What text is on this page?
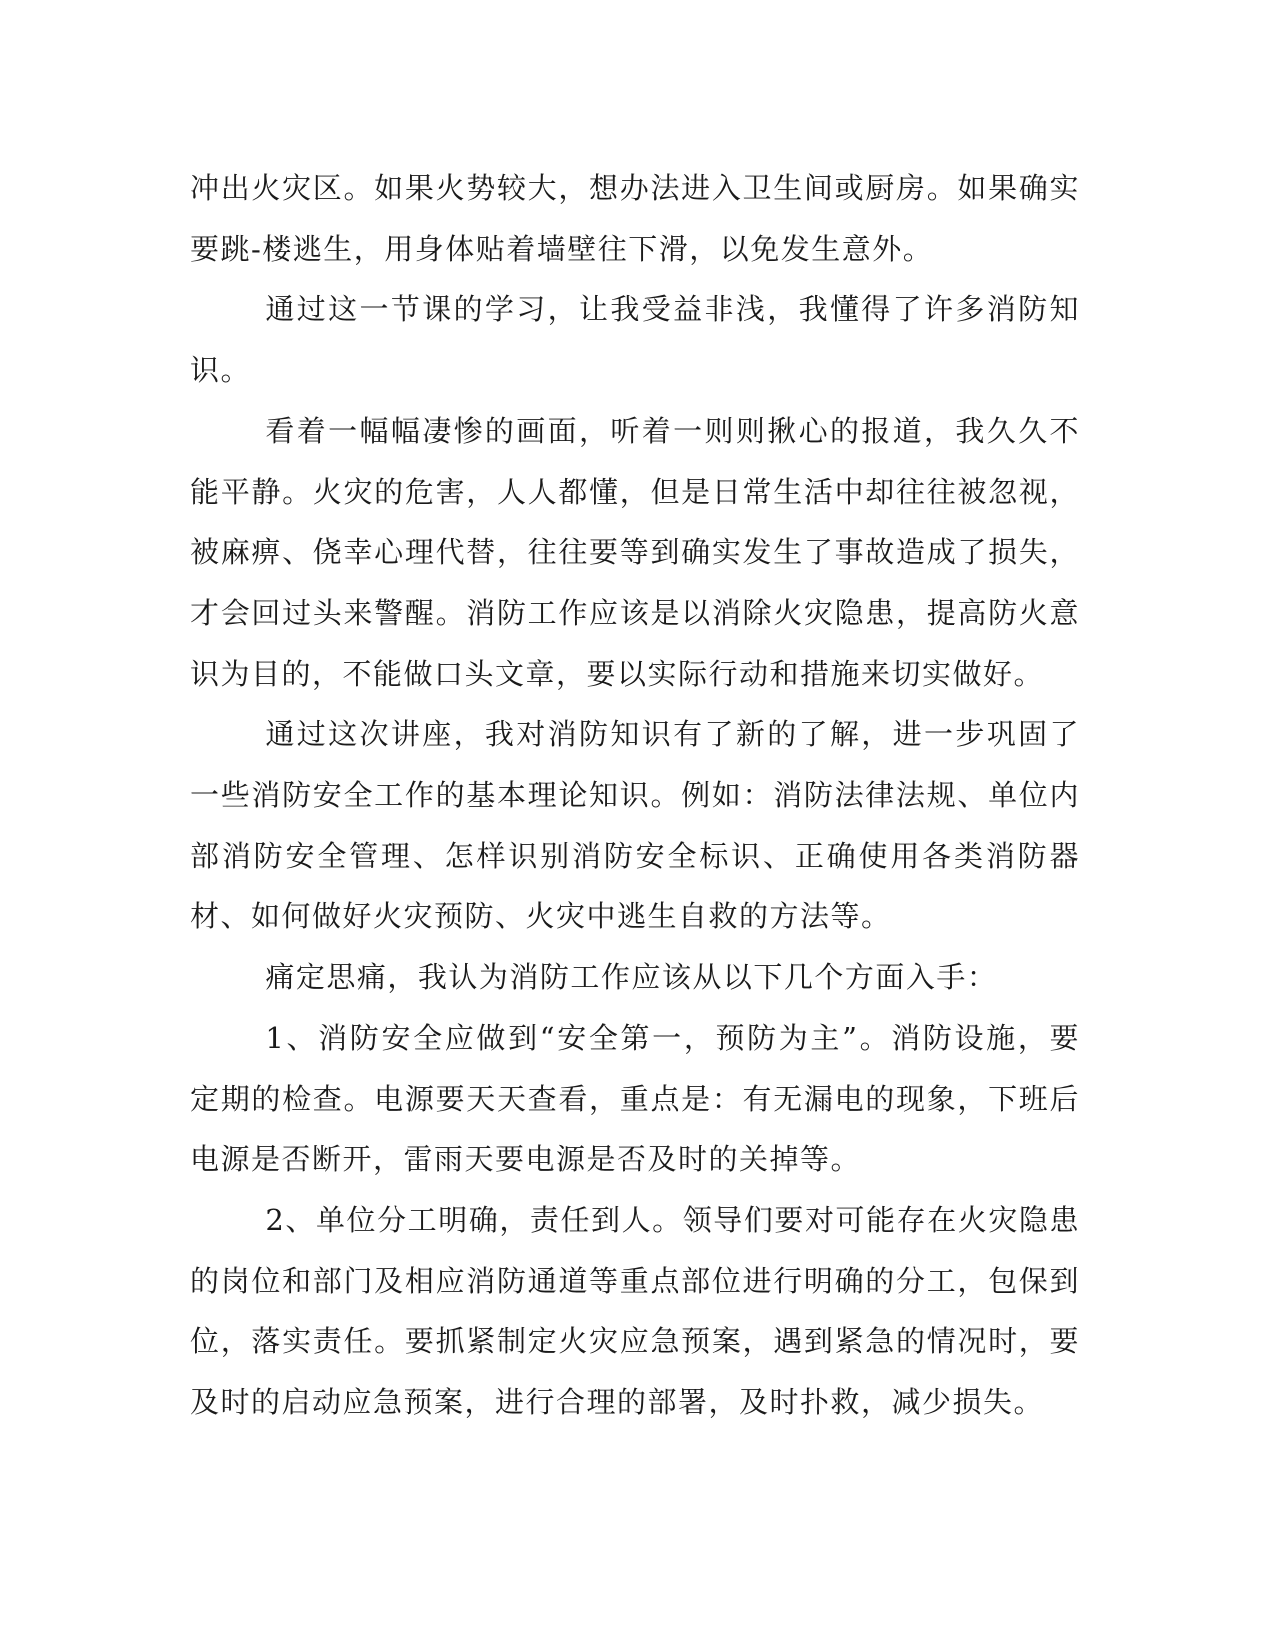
冲出火灾区。如果火势较大，想办法进入卫生间或厨房。如果确实要跳-楼逃生，用身体贴着墙壁往下滑，以免发生意外。

通过这一节课的学习，让我受益非浅，我懂得了许多消防知识。

看着一幅幅凄惨的画面，听着一则则揪心的报道，我久久不能平静。火灾的危害，人人都懂，但是日常生活中却往往被忽视，被麻痹、侥幸心理代替，往往要等到确实发生了事故造成了损失，才会回过头来警醒。消防工作应该是以消除火灾隐患，提高防火意识为目的，不能做口头文章，要以实际行动和措施来切实做好。

通过这次讲座，我对消防知识有了新的了解，进一步巩固了一些消防安全工作的基本理论知识。例如：消防法律法规、单位内部消防安全管理、怎样识别消防安全标识、正确使用各类消防器材、如何做好火灾预防、火灾中逃生自救的方法等。

痛定思痛，我认为消防工作应该从以下几个方面入手：

1、消防安全应做到“安全第一，预防为主”。消防设施，要定期的检查。电源要天天查看，重点是：有无漏电的现象，下班后电源是否断开，雷雨天要电源是否及时的关掉等。

2、单位分工明确，责任到人。领导们要对可能存在火灾隐患的岗位和部门及相应消防通道等重点部位进行明确的分工，包保到位，落实责任。要抓紧制定火灾应急预案，遇到紧急的情况时，要及时的启动应急预案，进行合理的部署，及时扑救，减少损失。
